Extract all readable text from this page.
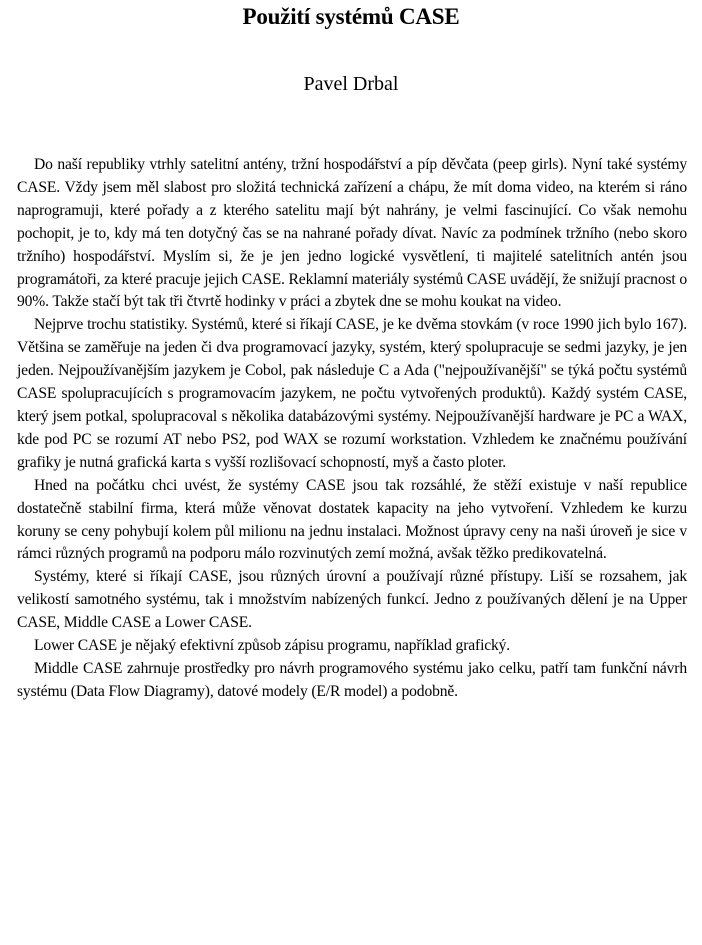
Použití systémů CASE
Pavel Drbal

Do naší republiky vtrhly satelitní antény, tržní hospodářství a píp děvčata (peep girls). Nyní také systémy CASE. Vždy jsem měl slabost pro složitá technická zařízení a chápu, že mít doma video, na kterém si ráno naprogramuji, které pořady a z kterého satelitu mají být nahrány, je velmi fascinující. Co však nemohu pochopit, je to, kdy má ten dotyčný čas se na nahrané pořady dívat. Navíc za podmínek tržního (nebo skoro tržního) hospodářství. Myslím si, že je jen jedno logické vysvětlení, ti majitelé satelitních antén jsou programátoři, za které pracuje jejich CASE. Reklamní materiály systémů CASE uvádějí, že snižují pracnost o 90%. Takže stačí být tak tři čtvrtě hodinky v práci a zbytek dne se mohu koukat na video.

Nejprve trochu statistiky. Systémů, které si říkají CASE, je ke dvěma stovkám (v roce 1990 jich bylo 167). Většina se zaměřuje na jeden či dva programovací jazyky, systém, který spolupracuje se sedmi jazyky, je jen jeden. Nejpoužívanějším jazykem je Cobol, pak následuje C a Ada ("nejpoužívanější" se týká počtu systémů CASE spolupracujících s programovacím jazykem, ne počtu vytvořených produktů). Každý systém CASE, který jsem potkal, spolupracoval s několika databázovými systémy. Nejpoužívanější hardware je PC a WAX, kde pod PC se rozumí AT nebo PS2, pod WAX se rozumí workstation. Vzhledem ke značnému používání grafiky je nutná grafická karta s vyšší rozlišovací schopností, myš a často ploter.

Hned na počátku chci uvést, že systémy CASE jsou tak rozsáhlé, že stěží existuje v naší republice dostatečně stabilní firma, která může věnovat dostatek kapacity na jeho vytvoření. Vzhledem ke kurzu koruny se ceny pohybují kolem půl milionu na jednu instalaci. Možnost úpravy ceny na naši úroveň je sice v rámci různých programů na podporu málo rozvinutých zemí možná, avšak těžko predikovatelná.

Systémy, které si říkají CASE, jsou různých úrovní a používají různé přístupy. Liší se rozsahem, jak velikostí samotného systému, tak i množstvím nabízených funkcí. Jedno z používaných dělení je na Upper CASE, Middle CASE a Lower CASE.

Lower CASE je nějaký efektivní způsob zápisu programu, například grafický.

Middle CASE zahrnuje prostředky pro návrh programového systému jako celku, patří tam funkční návrh systému (Data Flow Diagramy), datové modely (E/R model) a podobně.
